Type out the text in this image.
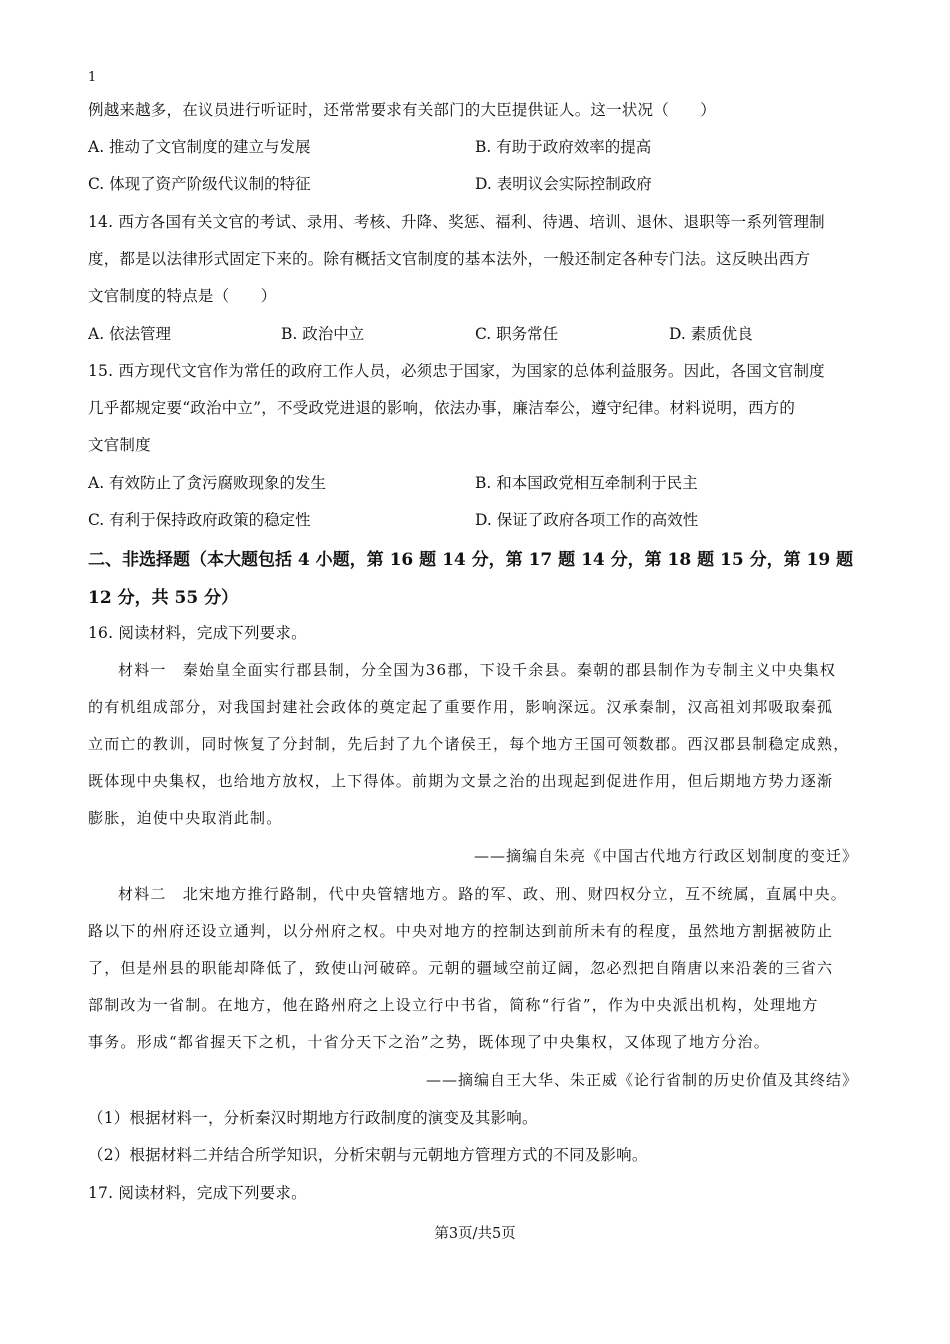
1
例越来越多，在议员进行听证时，还常常要求有关部门的大臣提供证人。这一状况（　　）
A. 推动了文官制度的建立与发展	B. 有助于政府效率的提高
C. 体现了资产阶级代议制的特征	D. 表明议会实际控制政府
14. 西方各国有关文官的考试、录用、考核、升降、奖惩、福利、待遇、培训、退休、退职等一系列管理制
度，都是以法律形式固定下来的。除有概括文官制度的基本法外，一般还制定各种专门法。这反映出西方
文官制度的特点是（　　）
A. 依法管理	B. 政治中立	C. 职务常任	D. 素质优良
15. 西方现代文官作为常任的政府工作人员，必须忠于国家，为国家的总体利益服务。因此，各国文官制度
几乎都规定要“政治中立”，不受政党进退的影响，依法办事，廉洁奉公，遵守纪律。材料说明，西方的
文官制度
A. 有效防止了贪污腐败现象的发生	B. 和本国政党相互牵制利于民主
C. 有利于保持政府政策的稳定性	D. 保证了政府各项工作的高效性
二、非选择题（本大题包括 4 小题，第 16 题 14 分，第 17 题 14 分，第 18 题 15 分，第 19 题
12 分，共 55 分）
16. 阅读材料，完成下列要求。
材料一　秦始皇全面实行郡县制，分全国为36郡，下设千余县。秦朝的郡县制作为专制主义中央集权
的有机组成部分，对我国封建社会政体的奠定起了重要作用，影响深远。汉承秦制，汉高祖刘邦吸取秦孤
立而亡的教训，同时恢复了分封制，先后封了九个诸侯王，每个地方王国可领数郡。西汉郡县制稳定成熟，
既体现中央集权，也给地方放权，上下得体。前期为文景之治的出现起到促进作用，但后期地方势力逐渐
膨胀，迫使中央取消此制。
——摘编自朱亮《中国古代地方行政区划制度的变迁》
材料二　北宋地方推行路制，代中央管辖地方。路的军、政、刑、财四权分立，互不统属，直属中央。
路以下的州府还设立通判，以分州府之权。中央对地方的控制达到前所未有的程度，虽然地方割据被防止
了，但是州县的职能却降低了，致使山河破碎。元朝的疆域空前辽阔，忽必烈把自隋唐以来沿袭的三省六
部制改为一省制。在地方，他在路州府之上设立行中书省，简称“行省”，作为中央派出机构，处理地方
事务。形成“都省握天下之机，十省分天下之治”之势，既体现了中央集权，又体现了地方分治。
——摘编自王大华、朱正威《论行省制的历史价值及其终结》
（1）根据材料一，分析秦汉时期地方行政制度的演变及其影响。
（2）根据材料二并结合所学知识，分析宋朝与元朝地方管理方式的不同及影响。
17. 阅读材料，完成下列要求。
第3页/共5页
